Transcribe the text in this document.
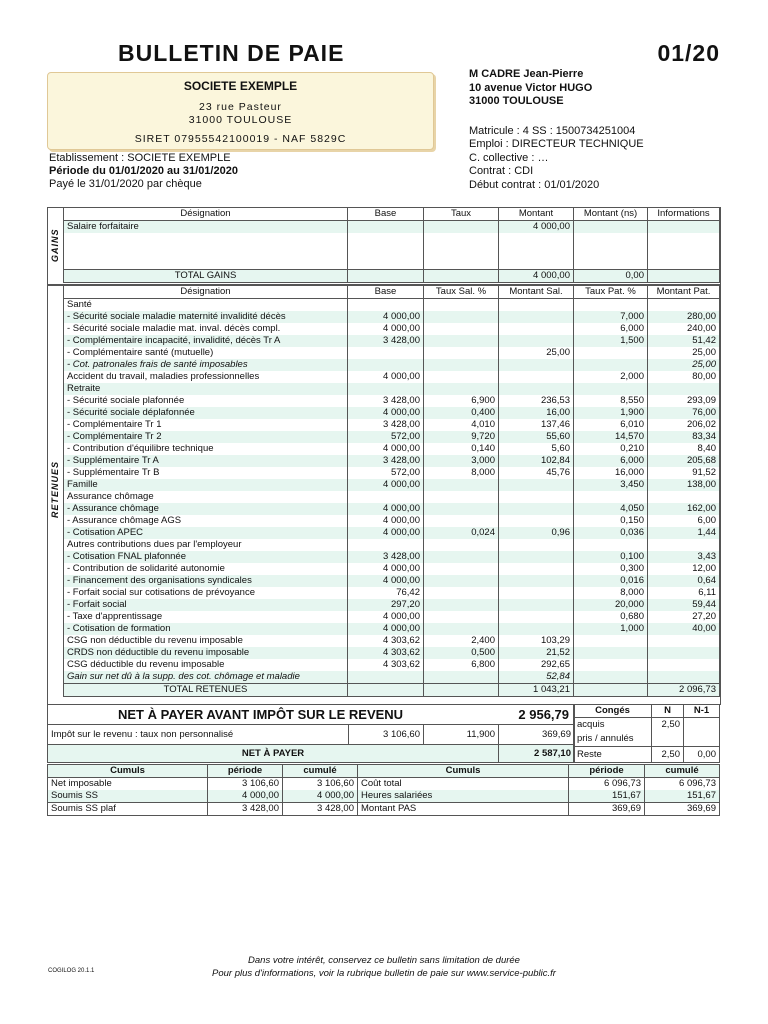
BULLETIN DE PAIE	01/20
SOCIETE EXEMPLE
23 rue Pasteur
31000 TOULOUSE
SIRET 07955542100019 - NAF 5829C
M CADRE Jean-Pierre
10 avenue Victor HUGO
31000 TOULOUSE
Matricule : 4 SS : 1500734251004
Emploi : DIRECTEUR TECHNIQUE
C. collective : …
Contrat : CDI
Début contrat : 01/01/2020
Etablissement : SOCIETE EXEMPLE
Période du 01/01/2020 au 31/01/2020
Payé le 31/01/2020 par chèque
GAINS
Désignation	Base	Taux	Montant	Montant (ns)	Informations
Salaire forfaitaire			4 000,00		

TOTAL GAINS			4 000,00	0,00	
RETENUES
Désignation	Base	Taux Sal. %	Montant Sal.	Taux Pat. %	Montant Pat.
Santé					
- Sécurité sociale maladie maternité invalidité décès	4 000,00			7,000	280,00
- Sécurité sociale maladie mat. inval. décès compl.	4 000,00			6,000	240,00
- Complémentaire incapacité, invalidité, décès Tr A	3 428,00			1,500	51,42
- Complémentaire santé (mutuelle)			25,00		25,00
- Cot. patronales frais de santé imposables					25,00
Accident du travail, maladies professionnelles	4 000,00			2,000	80,00
Retraite					
- Sécurité sociale plafonnée	3 428,00	6,900	236,53	8,550	293,09
- Sécurité sociale déplafonnée	4 000,00	0,400	16,00	1,900	76,00
- Complémentaire Tr 1	3 428,00	4,010	137,46	6,010	206,02
- Complémentaire Tr 2	572,00	9,720	55,60	14,570	83,34
- Contribution d'équilibre technique	4 000,00	0,140	5,60	0,210	8,40
- Supplémentaire Tr A	3 428,00	3,000	102,84	6,000	205,68
- Supplémentaire Tr B	572,00	8,000	45,76	16,000	91,52
Famille	4 000,00			3,450	138,00
Assurance chômage					
- Assurance chômage	4 000,00			4,050	162,00
- Assurance chômage AGS	4 000,00			0,150	6,00
- Cotisation APEC	4 000,00	0,024	0,96	0,036	1,44
Autres contributions dues par l'employeur					
- Cotisation FNAL plafonnée	3 428,00			0,100	3,43
- Contribution de solidarité autonomie	4 000,00			0,300	12,00
- Financement des organisations syndicales	4 000,00			0,016	0,64
- Forfait social sur cotisations de prévoyance	76,42			8,000	6,11
- Forfait social	297,20			20,000	59,44
- Taxe d'apprentissage	4 000,00			0,680	27,20
- Cotisation de formation	4 000,00			1,000	40,00
CSG non déductible du revenu imposable	4 303,62	2,400	103,29		
CRDS non déductible du revenu imposable	4 303,62	0,500	21,52		
CSG déductible du revenu imposable	4 303,62	6,800	292,65		
Gain sur net dû à la supp. des cot. chômage et maladie			52,84		
TOTAL RETENUES			1 043,21		2 096,73
NET À PAYER AVANT IMPÔT SUR LE REVENU	2 956,79
Impôt sur le revenu : taux non personnalisé	3 106,60	11,900	369,69
NET À PAYER	2 587,10
Congés	N	N-1
acquis	2,50	
pris / annulés		
Reste	2,50	0,00
Cumuls	période	cumulé	Cumuls	période	cumulé
Net imposable	3 106,60	3 106,60	Coût total	6 096,73	6 096,73
Soumis SS	4 000,00	4 000,00	Heures salariées	151,67	151,67
Soumis SS plaf	3 428,00	3 428,00	Montant PAS	369,69	369,69
Dans votre intérêt, conservez ce bulletin sans limitation de durée
Pour plus d'informations, voir la rubrique bulletin de paie sur www.service-public.fr
COGILOG 20.1.1
